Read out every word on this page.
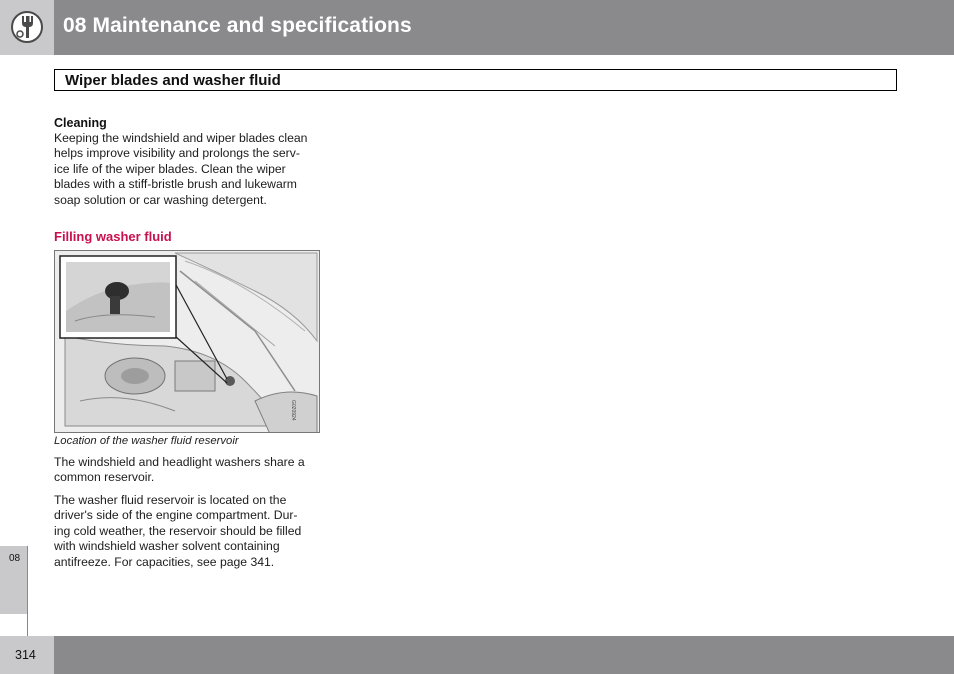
08 Maintenance and specifications
Wiper blades and washer fluid
Cleaning
Keeping the windshield and wiper blades clean
helps improve visibility and prolongs the serv-
ice life of the wiper blades. Clean the wiper
blades with a stiff-bristle brush and lukewarm
soap solution or car washing detergent.
Filling washer fluid
G020924
Location of the washer fluid reservoir
The windshield and headlight washers share a
common reservoir.
The washer fluid reservoir is located on the
driver's side of the engine compartment. Dur-
ing cold weather, the reservoir should be filled
with windshield washer solvent containing
antifreeze. For capacities, see page 341.
08
314
